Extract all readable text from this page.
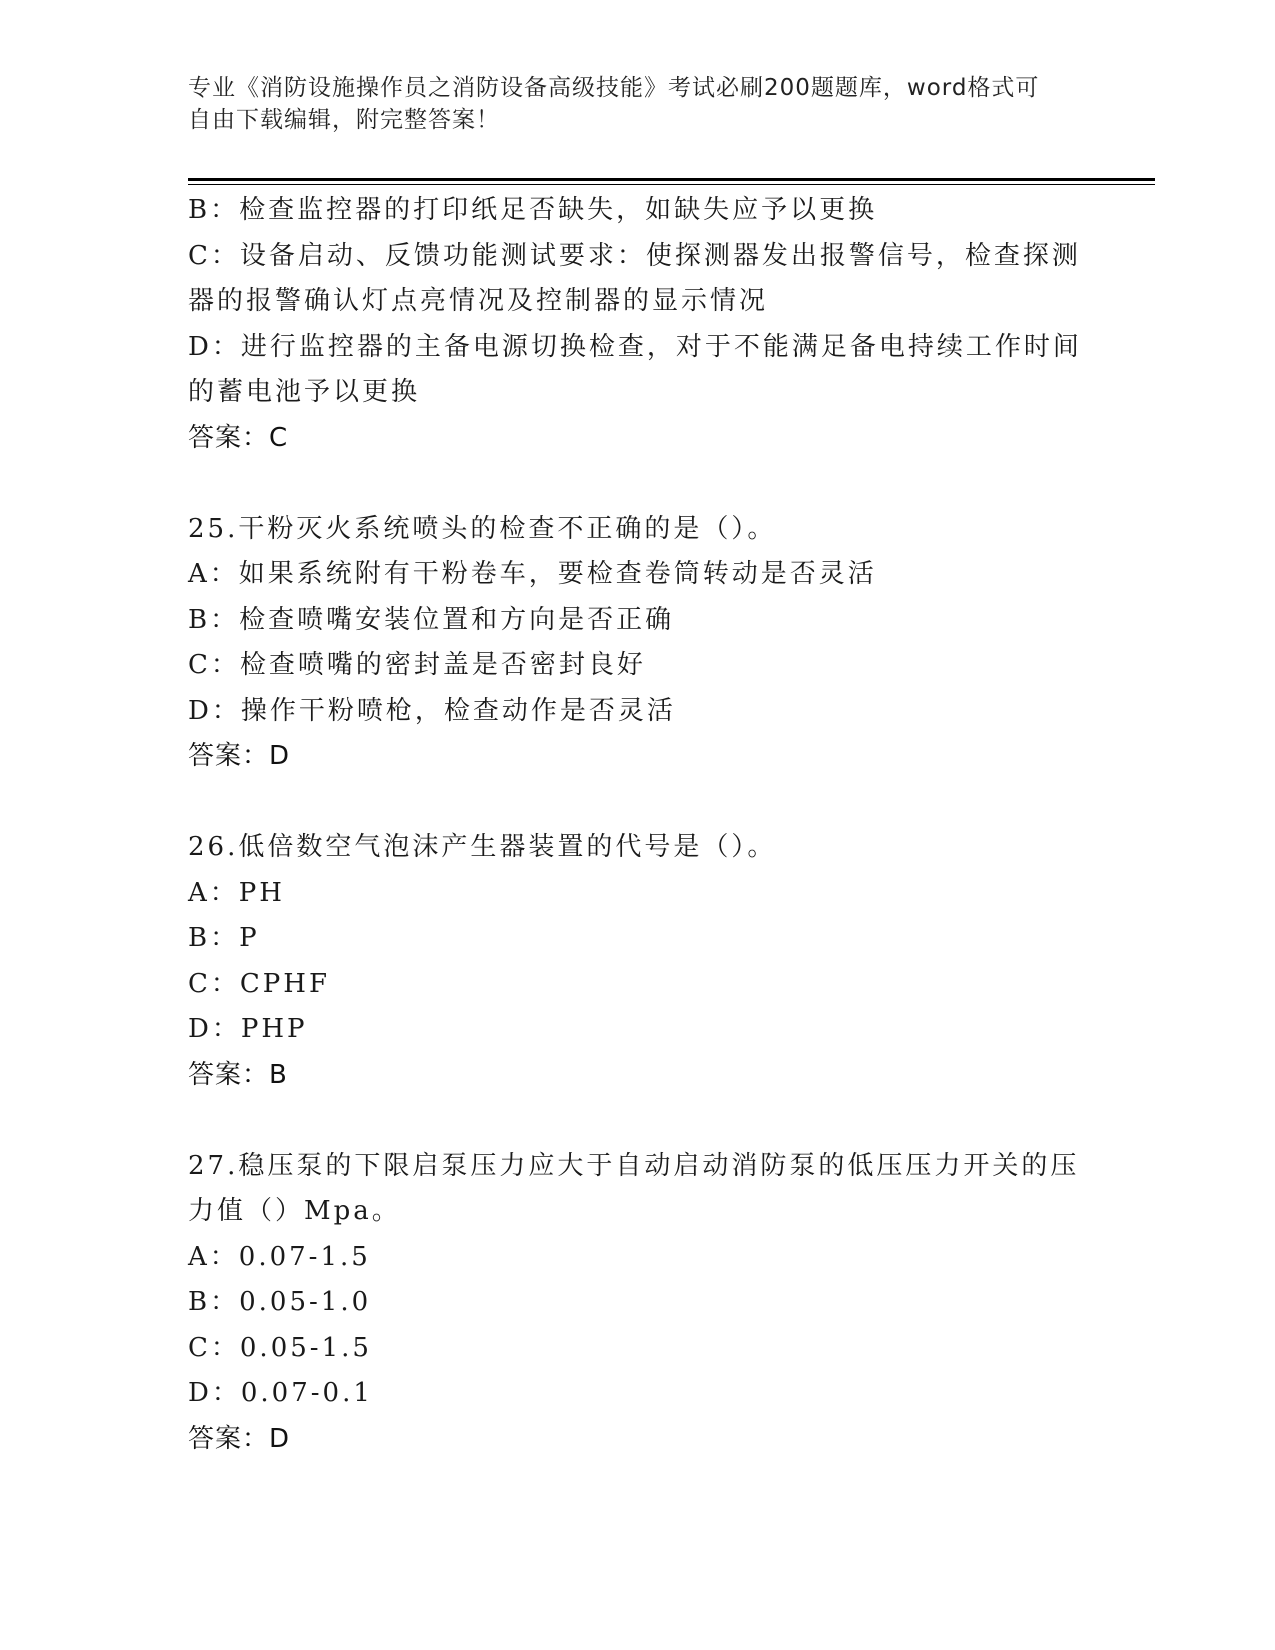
专业《消防设施操作员之消防设备高级技能》考试必刷200题题库，word格式可
自由下载编辑，附完整答案！
B：检查监控器的打印纸足否缺失，如缺失应予以更换
C：设备启动、反馈功能测试要求：使探测器发出报警信号，检查探测
器的报警确认灯点亮情况及控制器的显示情况
D：进行监控器的主备电源切换检查，对于不能满足备电持续工作时间
的蓄电池予以更换
答案：C
25.干粉灭火系统喷头的检查不正确的是（）。
A：如果系统附有干粉卷车，要检查卷筒转动是否灵活
B：检查喷嘴安装位置和方向是否正确
C：检查喷嘴的密封盖是否密封良好
D：操作干粉喷枪，检查动作是否灵活
答案：D
26.低倍数空气泡沫产生器装置的代号是（）。
A：PH
B：P
C：CPHF
D：PHP
答案：B
27.稳压泵的下限启泵压力应大于自动启动消防泵的低压压力开关的压
力值（）Mpa。
A：0.07-1.5
B：0.05-1.0
C：0.05-1.5
D：0.07-0.1
答案：D
